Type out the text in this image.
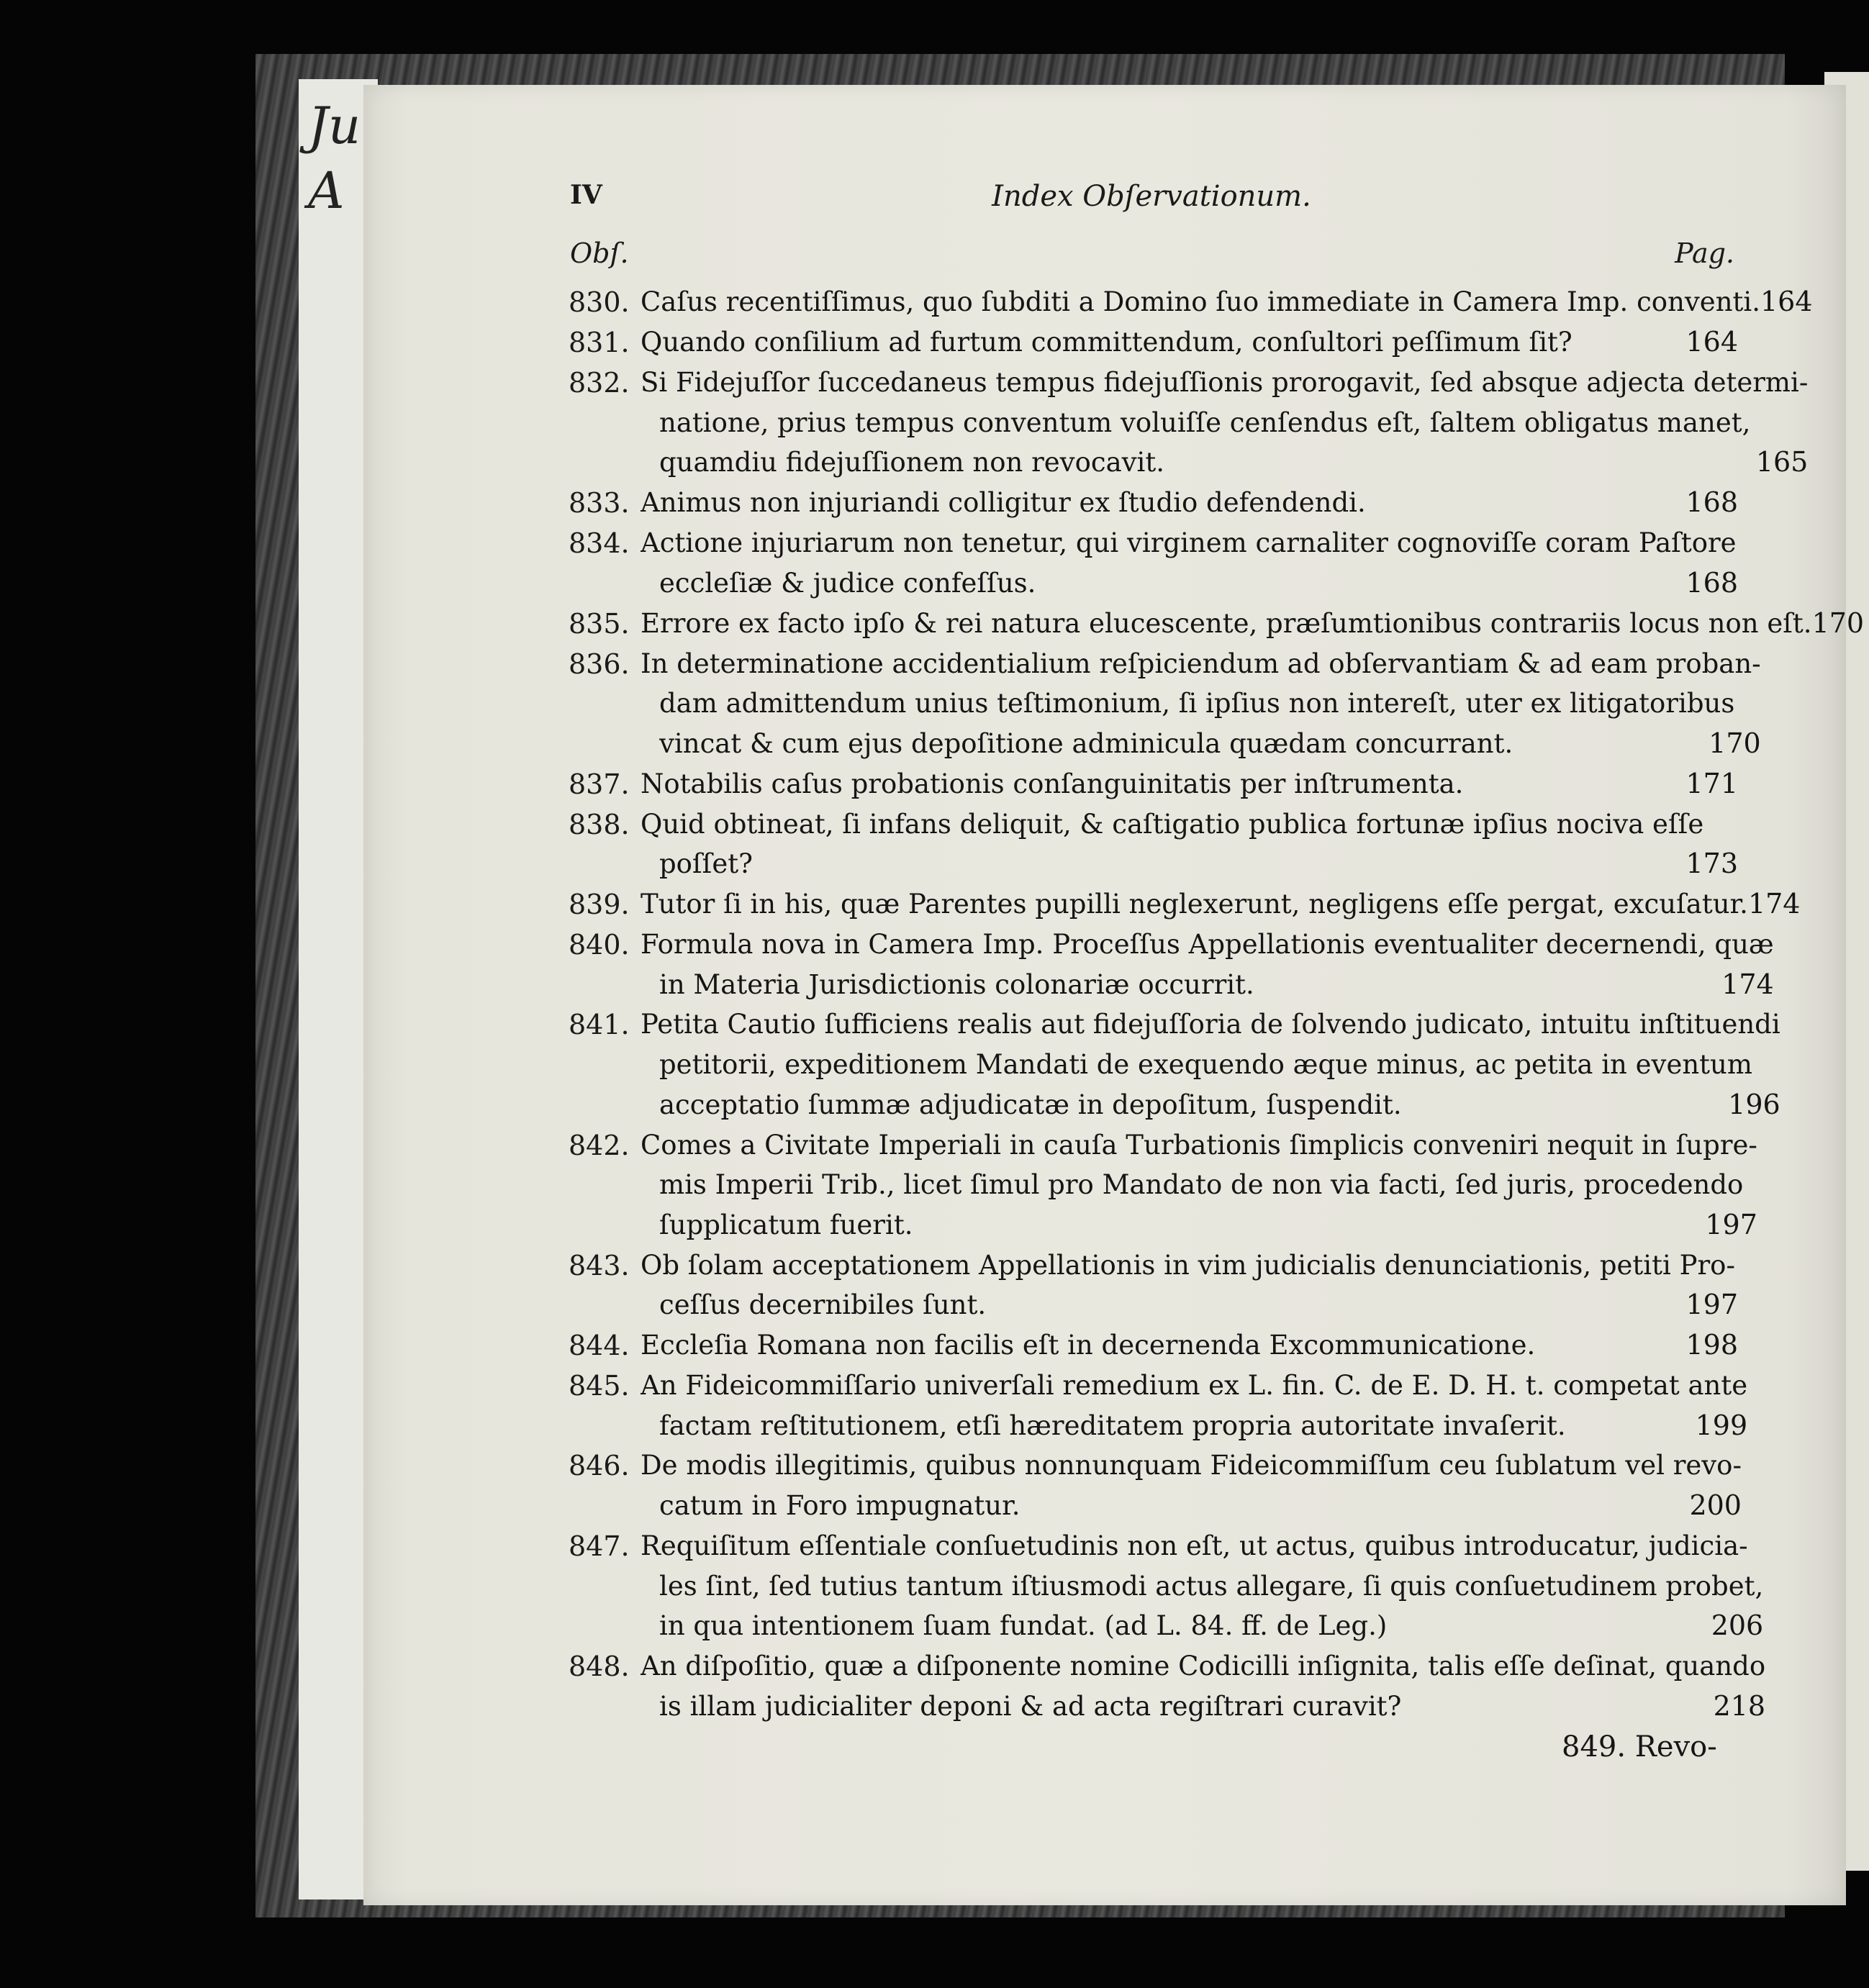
Ju
A	IV	Index Obſervationum.
Obſ.	Pag.
830. Caſus recentiſſimus, quo ſubditi a Domino ſuo immediate in Camera Imp. conventi. 164
831. Quando conſilium ad furtum committendum, conſultori peſſimum ſit?	164
832. Si Fidejuſſor ſuccedaneus tempus fidejuſſionis prorogavit, ſed absque adjecta determi-
natione, prius tempus conventum voluiſſe cenſendus eſt, ſaltem obligatus manet,
quamdiu fidejuſſionem non revocavit.	165
833. Animus non injuriandi colligitur ex ſtudio defendendi.	168
834. Actione injuriarum non tenetur, qui virginem carnaliter cognoviſſe coram Paſtore
eccleſiæ & judice confeſſus.	168
835. Errore ex facto ipſo & rei natura elucescente, præſumtionibus contrariis locus non eſt. 170
836. In determinatione accidentialium reſpiciendum ad obſervantiam & ad eam proban-
dam admittendum unius teſtimonium, ſi ipſius non intereſt, uter ex litigatoribus
vincat & cum ejus depoſitione adminicula quædam concurrant.	170
837. Notabilis caſus probationis conſanguinitatis per inſtrumenta.	171
838. Quid obtineat, ſi infans deliquit, & caſtigatio publica fortunæ ipſius nociva eſſe
poſſet?	173
839. Tutor ſi in his, quæ Parentes pupilli neglexerunt, negligens eſſe pergat, excuſatur. 174
840. Formula nova in Camera Imp. Proceſſus Appellationis eventualiter decernendi, quæ
in Materia Jurisdictionis colonariæ occurrit.	174
841. Petita Cautio ſufficiens realis aut fidejuſſoria de ſolvendo judicato, intuitu inſtituendi
petitorii, expeditionem Mandati de exequendo æque minus, ac petita in eventum
acceptatio ſummæ adjudicatæ in depoſitum, ſuspendit.	196
842. Comes a Civitate Imperiali in cauſa Turbationis ſimplicis conveniri nequit in ſupre-
mis Imperii Trib., licet ſimul pro Mandato de non via facti, ſed juris, procedendo
ſupplicatum fuerit.	197
843. Ob ſolam acceptationem Appellationis in vim judicialis denunciationis, petiti Pro-
ceſſus decernibiles ſunt.	197
844. Eccleſia Romana non facilis eſt in decernenda Excommunicatione.	198
845. An Fideicommiſſario univerſali remedium ex L. fin. C. de E. D. H. t. competat ante
factam reſtitutionem, etſi hæreditatem propria autoritate invaſerit.	199
846. De modis illegitimis, quibus nonnunquam Fideicommiſſum ceu ſublatum vel revo-
catum in Foro impugnatur.	200
847. Requiſitum eſſentiale conſuetudinis non eſt, ut actus, quibus introducatur, judicia-
les ſint, ſed tutius tantum iſtiusmodi actus allegare, ſi quis conſuetudinem probet,
in qua intentionem ſuam fundat. (ad L. 84. ff. de Leg.)	206
848. An diſpoſitio, quæ a diſponente nomine Codicilli inſignita, talis eſſe deſinat, quando
is illam judicialiter deponi & ad acta regiſtrari curavit?	218
849. Revo-
